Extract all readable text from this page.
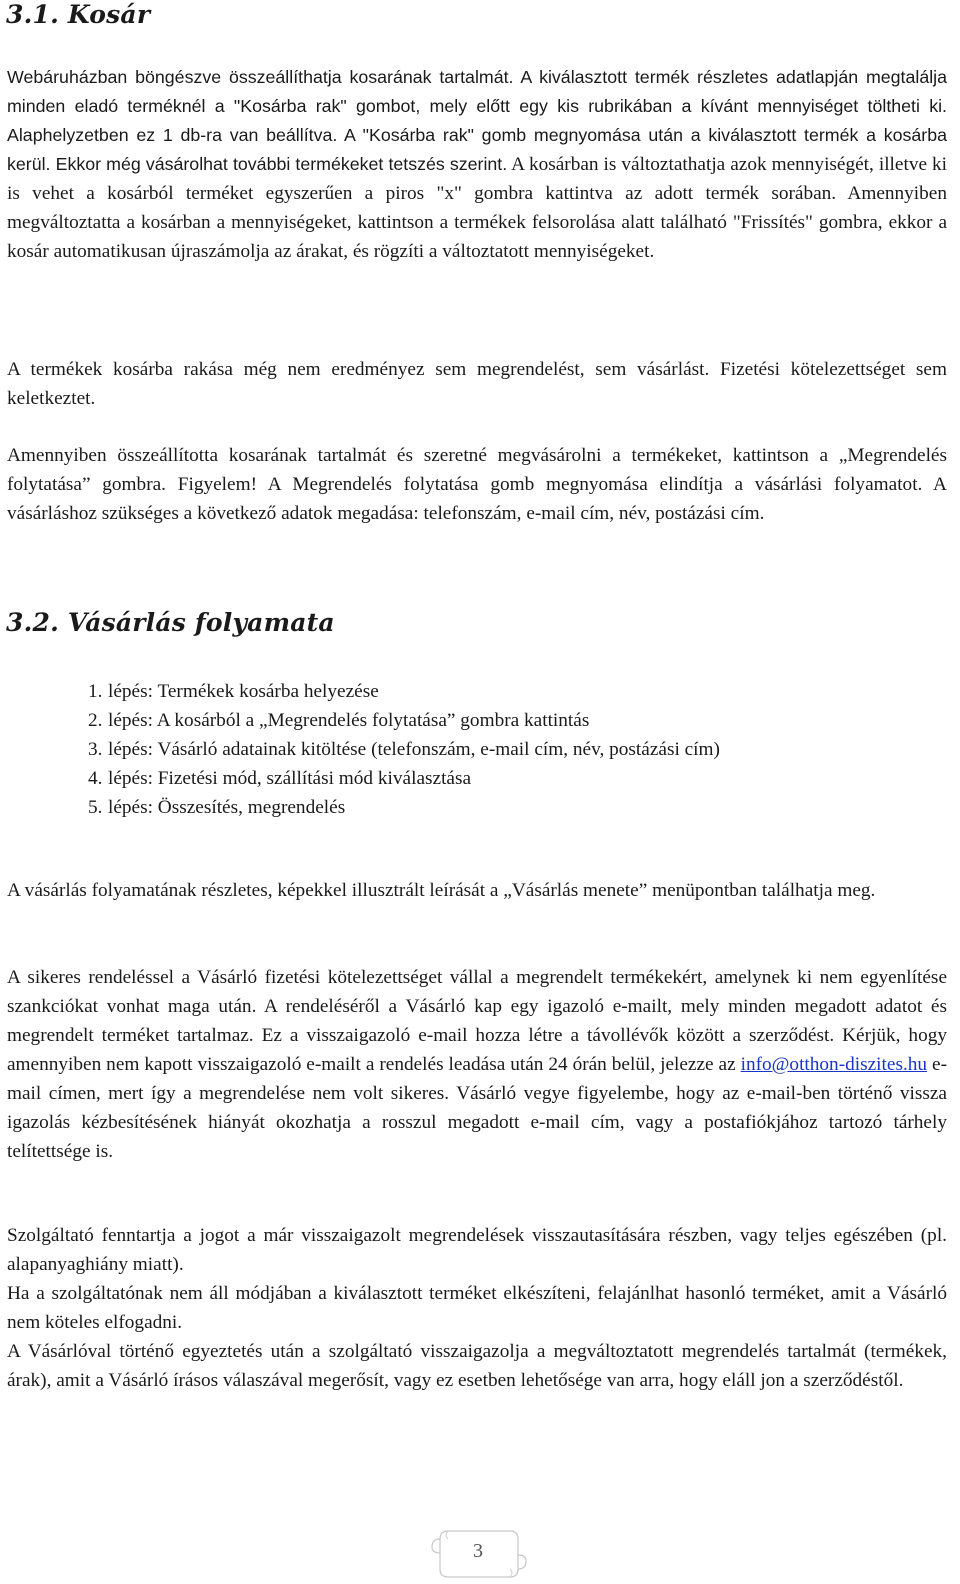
3.1. Kosár

Webáruházban böngészve összeállíthatja kosarának tartalmát. A kiválasztott termék részletes adatlapján megtalálja minden eladó terméknél a "Kosárba rak" gombot, mely előtt egy kis rubrikában a kívánt mennyiséget töltheti ki. Alaphelyzetben ez 1 db-ra van beállítva. A "Kosárba rak" gomb megnyomása után a kiválasztott termék a kosárba kerül. Ekkor még vásárolhat további termékeket tetszés szerint. A kosárban is változtathatja azok mennyiségét, illetve ki is vehet a kosárból terméket egyszerűen a piros "x" gombra kattintva az adott termék sorában. Amennyiben megváltoztatta a kosárban a mennyiségeket, kattintson a termékek felsorolása alatt található "Frissítés" gombra, ekkor a kosár automatikusan újraszámolja az árakat, és rögzíti a változtatott mennyiségeket.

A termékek kosárba rakása még nem eredményez sem megrendelést, sem vásárlást. Fizetési kötelezettséget sem keletkeztet.

Amennyiben összeállította kosarának tartalmát és szeretné megvásárolni a termékeket, kattintson a „Megrendelés folytatása” gombra. Figyelem! A Megrendelés folytatása gomb megnyomása elindítja a vásárlási folyamatot. A vásárláshoz szükséges a következő adatok megadása: telefonszám, e-mail cím, név, postázási cím.

3.2. Vásárlás folyamata
1. lépés: Termékek kosárba helyezése
2. lépés: A kosárból a „Megrendelés folytatása” gombra kattintás
3. lépés: Vásárló adatainak kitöltése (telefonszám, e-mail cím, név, postázási cím)
4. lépés: Fizetési mód, szállítási mód kiválasztása
5. lépés: Összesítés, megrendelés

A vásárlás folyamatának részletes, képekkel illusztrált leírását a „Vásárlás menete” menüpontban találhatja meg.

A sikeres rendeléssel a Vásárló fizetési kötelezettséget vállal a megrendelt termékekért, amelynek ki nem egyenlítése szankciókat vonhat maga után. A rendeléséről a Vásárló kap egy igazoló e-mailt, mely minden megadott adatot és megrendelt terméket tartalmaz. Ez a visszaigazoló e-mail hozza létre a távollévők között a szerződést. Kérjük, hogy amennyiben nem kapott visszaigazoló e-mailt a rendelés leadása után 24 órán belül, jelezze az info@otthon-diszites.hu e-mail címen, mert így a megrendelése nem volt sikeres. Vásárló vegye figyelembe, hogy az e-mail-ben történő vissza igazolás kézbesítésének hiányát okozhatja a rosszul megadott e-mail cím, vagy a postafiókjához tartozó tárhely telítettsége is.

Szolgáltató fenntartja a jogot a már visszaigazolt megrendelések visszautasítására részben, vagy teljes egészében (pl. alapanyaghiány miatt).

Ha a szolgáltatónak nem áll módjában a kiválasztott terméket elkészíteni, felajánlhat hasonló terméket, amit a Vásárló nem köteles elfogadni.

A Vásárlóval történő egyeztetés után a szolgáltató visszaigazolja a megváltoztatott megrendelés tartalmát (termékek, árak), amit a Vásárló írásos válaszával megerősít, vagy ez esetben lehetősége van arra, hogy eláll jon a szerződéstől.

3
